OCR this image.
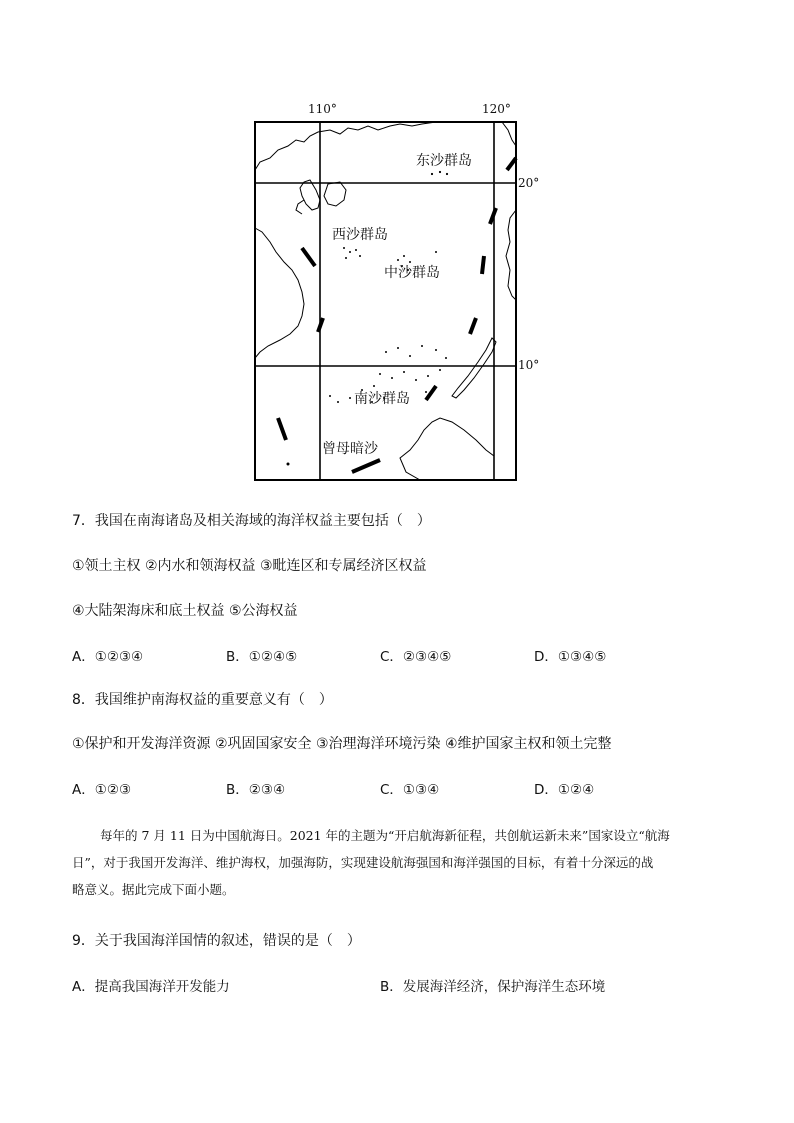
110°	120°
20°
10°
东沙群岛
西沙群岛
中沙群岛
南沙群岛
曾母暗沙
7．我国在南海诸岛及相关海域的海洋权益主要包括（　）
①领土主权 ②内水和领海权益 ③毗连区和专属经济区权益
④大陆架海床和底土权益 ⑤公海权益
A．①②③④	B．①②④⑤	C．②③④⑤	D．①③④⑤
8．我国维护南海权益的重要意义有（　）
①保护和开发海洋资源 ②巩固国家安全 ③治理海洋环境污染 ④维护国家主权和领土完整
A．①②③	B．②③④	C．①③④	D．①②④
每年的 7 月 11 日为中国航海日。2021 年的主题为“开启航海新征程，共创航运新未来”国家设立“航海
日”，对于我国开发海洋、维护海权，加强海防，实现建设航海强国和海洋强国的目标，有着十分深远的战
略意义。据此完成下面小题。
9．关于我国海洋国情的叙述，错误的是（　）
A．提高我国海洋开发能力	B．发展海洋经济，保护海洋生态环境
